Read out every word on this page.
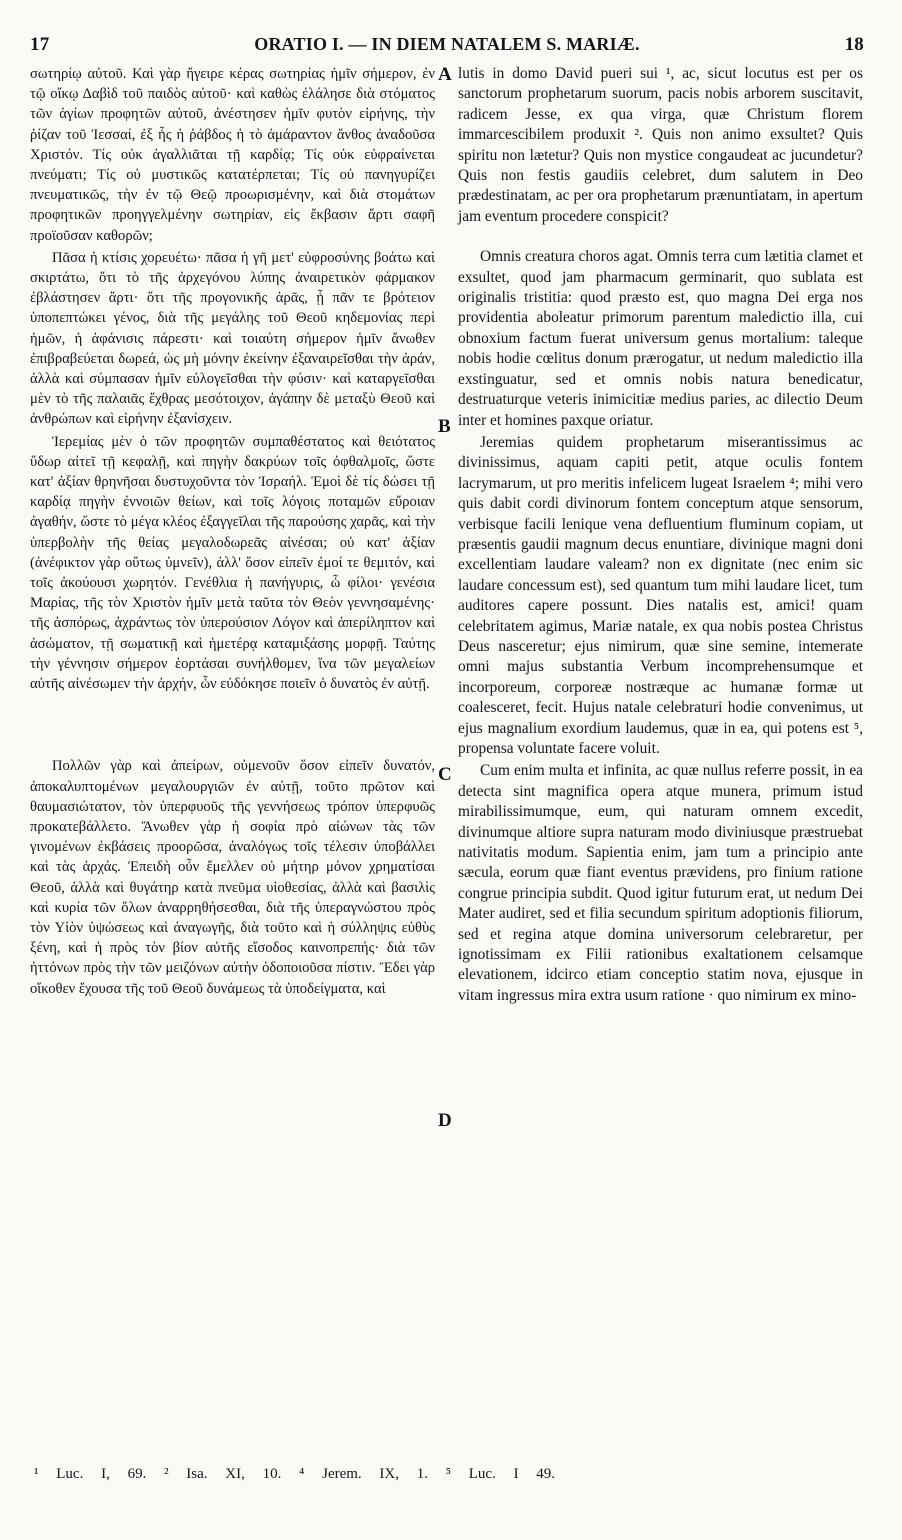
17	ORATIO I. — IN DIEM NATALEM S. MARIÆ.	18

σωτηρίῳ αὐτοῦ. Καὶ γὰρ ἤγειρε κέρας σωτηρίας ἡμῖν σήμερον, ἐν τῷ οἴκῳ Δαβὶδ τοῦ παιδὸς αὐτοῦ· καὶ καθὼς ἐλάλησε διὰ στόματος τῶν ἁγίων προφητῶν αὐτοῦ, ἀνέστησεν ἡμῖν φυτὸν εἰρήνης, τὴν ῥίζαν τοῦ Ἰεσσαί, ἐξ ἧς ἡ ῥάβδος ἡ τὸ ἀμάραντον ἄνθος ἀναδοῦσα Χριστόν. Τίς οὐκ ἀγαλλιᾶται τῇ καρδίᾳ; Τίς οὐκ εὐφραίνεται πνεύματι; Τίς οὐ μυστικῶς κατατέρπεται; Τίς οὐ πανηγυρίζει πνευματικῶς, τὴν ἐν τῷ Θεῷ προωρισμένην, καὶ διὰ στομάτων προφητικῶν προηγγελμένην σωτηρίαν, εἰς ἔκβασιν ἄρτι σαφῆ προϊοῦσαν καθορῶν;

Πᾶσα ἡ κτίσις χορευέτω· πᾶσα ἡ γῆ μετ' εὐφροσύνης βοάτω καὶ σκιρτάτω, ὅτι τὸ τῆς ἀρχεγόνου λύπης ἀναιρετικὸν φάρμακον ἐβλάστησεν ἄρτι· ὅτι τῆς προγονικῆς ἀρᾶς, ᾗ πᾶν τε βρότειον ὑποπεπτώκει γένος, διὰ τῆς μεγάλης τοῦ Θεοῦ κηδεμονίας περὶ ἡμῶν, ἡ ἀφάνισις πάρεστι· καὶ τοιαύτη σήμερον ἡμῖν ἄνωθεν ἐπιβραβεύεται δωρεά, ὡς μὴ μόνην ἐκείνην ἐξαναιρεῖσθαι τὴν ἀράν, ἀλλὰ καὶ σύμπασαν ἡμῖν εὐλογεῖσθαι τὴν φύσιν· καὶ καταργεῖσθαι μὲν τὸ τῆς παλαιᾶς ἔχθρας μεσότοιχον, ἀγάπην δὲ μεταξὺ Θεοῦ καὶ ἀνθρώπων καὶ εἰρήνην ἐξανίσχειν.

Ἱερεμίας μὲν ὁ τῶν προφητῶν συμπαθέστατος καὶ θειότατος ὕδωρ αἰτεῖ τῇ κεφαλῇ, καὶ πηγὴν δακρύων τοῖς ὀφθαλμοῖς, ὥστε κατ' ἀξίαν θρηνῆσαι δυστυχοῦντα τὸν Ἰσραήλ. Ἐμοὶ δὲ τίς δώσει τῇ καρδίᾳ πηγὴν ἐννοιῶν θείων, καὶ τοῖς λόγοις ποταμῶν εὔροιαν ἀγαθήν, ὥστε τὸ μέγα κλέος ἐξαγγεῖλαι τῆς παρούσης χαρᾶς, καὶ τὴν ὑπερβολὴν τῆς θείας μεγαλοδωρεᾶς αἰνέσαι; οὐ κατ' ἀξίαν (ἀνέφικτον γὰρ οὕτως ὑμνεῖν), ἀλλ' ὅσον εἰπεῖν ἐμοί τε θεμιτόν, καὶ τοῖς ἀκούουσι χωρητόν. Γενέθλια ἡ πανήγυρις, ὦ φίλοι· γενέσια Μαρίας, τῆς τὸν Χριστὸν ἡμῖν μετὰ ταῦτα τὸν Θεὸν γεννησαμένης· τῆς ἀσπόρως, ἀχράντως τὸν ὑπερούσιον Λόγον καὶ ἀπερίληπτον καὶ ἀσώματον, τῇ σωματικῇ καὶ ἡμετέρᾳ καταμιξάσης μορφῇ. Ταύτης τὴν γέννησιν σήμερον ἑορτάσαι συνήλθομεν, ἵνα τῶν μεγαλείων αὐτῆς αἰνέσωμεν τὴν ἀρχήν, ὧν εὐδόκησε ποιεῖν ὁ δυνατὸς ἐν αὐτῇ.

Πολλῶν γὰρ καὶ ἀπείρων, οὐμενοῦν ὅσον εἰπεῖν δυνατόν, ἀποκαλυπτομένων μεγαλουργιῶν ἐν αὐτῇ, τοῦτο πρῶτον καὶ θαυμασιώτατον, τὸν ὑπερφυοῦς τῆς γεννήσεως τρόπον ὑπερφυῶς προκατεβάλλετο. Ἄνωθεν γὰρ ἡ σοφία πρὸ αἰώνων τὰς τῶν γινομένων ἐκβάσεις προορῶσα, ἀναλόγως τοῖς τέλεσιν ὑποβάλλει καὶ τὰς ἀρχάς. Ἐπειδὴ οὖν ἔμελλεν οὐ μήτηρ μόνον χρηματίσαι Θεοῦ, ἀλλὰ καὶ θυγάτηρ κατὰ πνεῦμα υἱοθεσίας, ἀλλὰ καὶ βασιλὶς καὶ κυρία τῶν ὅλων ἀναρρηθήσεσθαι, διὰ τῆς ὑπεραγνώστου πρὸς τὸν Υἱὸν ὑψώσεως καὶ ἀναγωγῆς, διὰ τοῦτο καὶ ἡ σύλληψις εὐθὺς ξένη, καὶ ἡ πρὸς τὸν βίον αὐτῆς εἴσοδος καινοπρεπής· διὰ τῶν ἡττόνων πρὸς τὴν τῶν μειζόνων αὐτὴν ὁδοποιοῦσα πίστιν. Ἔδει γὰρ οἴκοθεν ἔχουσα τῆς τοῦ Θεοῦ δυνάμεως τὰ ὑποδείγματα, καὶ

lutis in domo David pueri sui ¹, ac, sicut locutus est per os sanctorum prophetarum suorum, pacis nobis arborem suscitavit, radicem Jesse, ex qua virga, quæ Christum florem immarcescibilem produxit ². Quis non animo exsultet? Quis spiritu non lætetur? Quis non mystice congaudeat ac jucundetur? Quis non festis gaudiis celebret, dum salutem in Deo prædestinatam, ac per ora prophetarum prænuntiatam, in apertum jam eventum procedere conspicit?

Omnis creatura choros agat. Omnis terra cum lætitia clamet et exsultet, quod jam pharmacum germinarit, quo sublata est originalis tristitia: quod præsto est, quo magna Dei erga nos providentia aboleatur primorum parentum maledictio illa, cui obnoxium factum fuerat universum genus mortalium: taleque nobis hodie cœlitus donum prærogatur, ut nedum maledictio illa exstinguatur, sed et omnis nobis natura benedicatur, destruaturque veteris inimicitiæ medius paries, ac dilectio Deum inter et homines paxque oriatur.

Jeremias quidem prophetarum miserantissimus ac divinissimus, aquam capiti petit, atque oculis fontem lacrymarum, ut pro meritis infelicem lugeat Israelem ⁴; mihi vero quis dabit cordi divinorum fontem conceptum atque sensorum, verbisque facili lenique vena defluentium fluminum copiam, ut præsentis gaudii magnum decus enuntiare, divinique magni doni excellentiam laudare valeam? non ex dignitate (nec enim sic laudare concessum est), sed quantum tum mihi laudare licet, tum auditores capere possunt. Dies natalis est, amici! quam celebritatem agimus, Mariæ natale, ex qua nobis postea Christus Deus nasceretur; ejus nimirum, quæ sine semine, intemerate omni majus substantia Verbum incomprehensumque et incorporeum, corporeæ nostræque ac humanæ formæ ut coalesceret, fecit. Hujus natale celebraturi hodie convenimus, ut ejus magnalium exordium laudemus, quæ in ea, qui potens est ⁵, propensa voluntate facere voluit.

Cum enim multa et infinita, ac quæ nullus referre possit, in ea detecta sint magnifica opera atque munera, primum istud mirabilissimumque, eum, qui naturam omnem excedit, divinumque altiore supra naturam modo diviniusque præstruebat nativitatis modum. Sapientia enim, jam tum a principio ante sæcula, eorum quæ fiant eventus prævidens, pro finium ratione congrue principia subdit. Quod igitur futurum erat, ut nedum Dei Mater audiret, sed et filia secundum spiritum adoptionis filiorum, sed et regina atque domina universorum celebraretur, per ignotissimam ex Filii rationibus exaltationem celsamque elevationem, idcirco etiam conceptio statim nova, ejusque in vitam ingressus mira extra usum ratione · quo nimirum ex mino-

A
B
C
D
¹ Luc. I, 69. ² Isa. XI, 10. ⁴ Jerem. IX, 1. ⁵ Luc. I 49.
